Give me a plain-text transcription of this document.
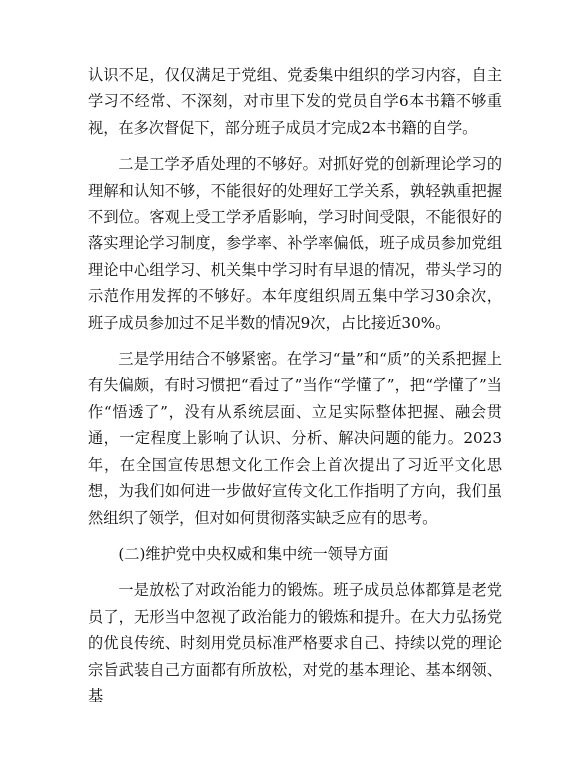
认识不足，仅仅满足于党组、党委集中组织的学习内容，自主学习不经常、不深刻，对市里下发的党员自学6本书籍不够重视，在多次督促下，部分班子成员才完成2本书籍的自学。

二是工学矛盾处理的不够好。对抓好党的创新理论学习的理解和认知不够，不能很好的处理好工学关系，孰轻孰重把握不到位。客观上受工学矛盾影响，学习时间受限，不能很好的落实理论学习制度，参学率、补学率偏低，班子成员参加党组理论中心组学习、机关集中学习时有早退的情况，带头学习的示范作用发挥的不够好。本年度组织周五集中学习30余次，班子成员参加过不足半数的情况9次，占比接近30%。

三是学用结合不够紧密。在学习“量”和“质”的关系把握上有失偏颇，有时习惯把“看过了”当作“学懂了”，把“学懂了”当作“悟透了”，没有从系统层面、立足实际整体把握、融会贯通，一定程度上影响了认识、分析、解决问题的能力。2023年，在全国宣传思想文化工作会上首次提出了习近平文化思想，为我们如何进一步做好宣传文化工作指明了方向，我们虽然组织了领学，但对如何贯彻落实缺乏应有的思考。

(二)维护党中央权威和集中统一领导方面

一是放松了对政治能力的锻炼。班子成员总体都算是老党员了，无形当中忽视了政治能力的锻炼和提升。在大力弘扬党的优良传统、时刻用党员标准严格要求自己、持续以党的理论宗旨武装自己方面都有所放松，对党的基本理论、基本纲领、基
